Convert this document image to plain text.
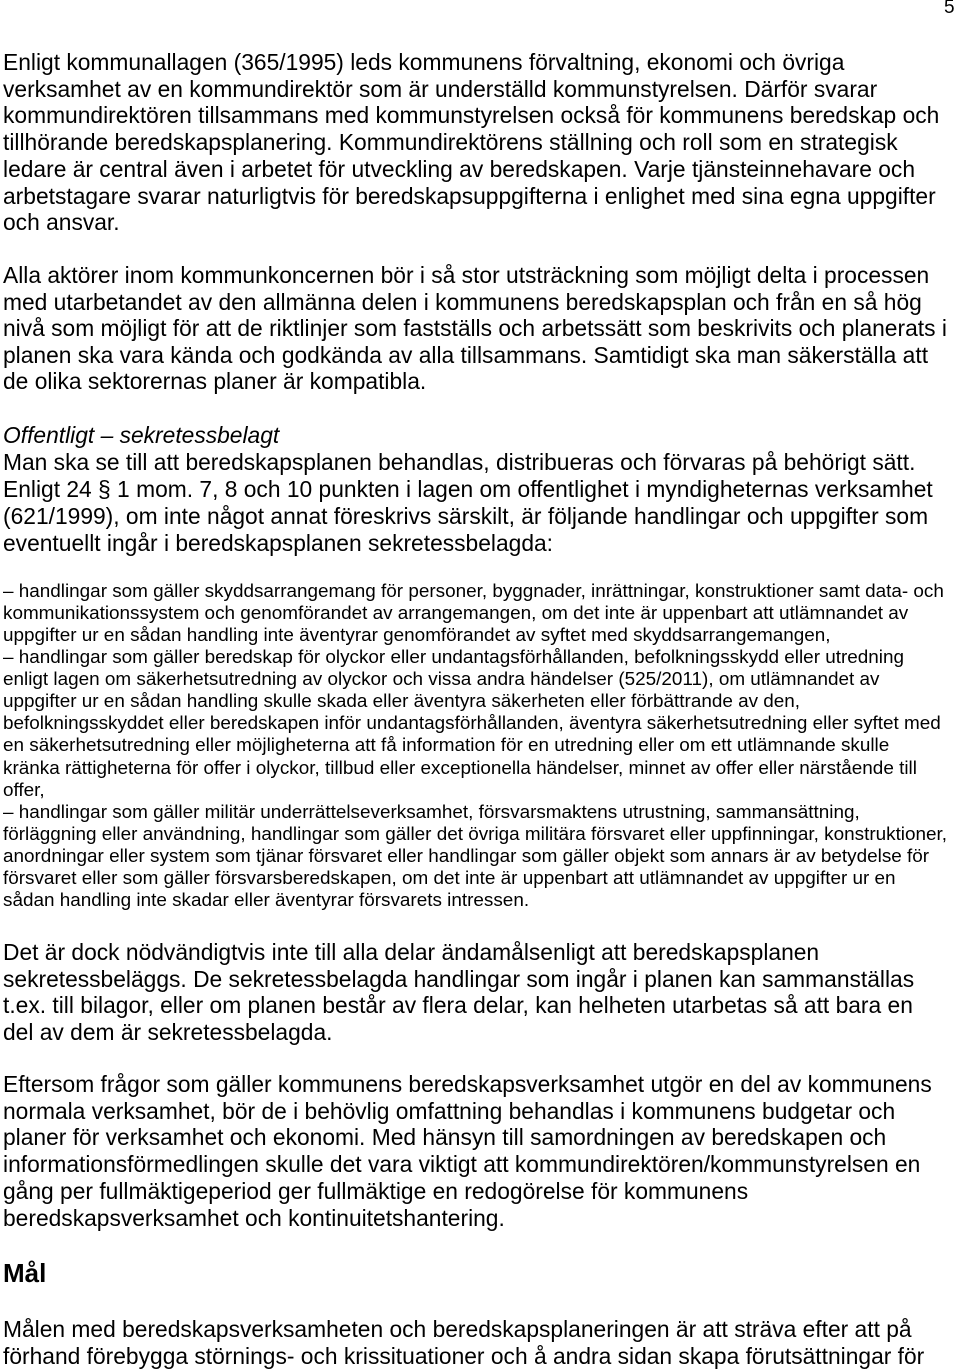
5
Enligt kommunallagen (365/1995) leds kommunens förvaltning, ekonomi och övriga
verksamhet av en kommundirektör som är underställd kommunstyrelsen. Därför svarar
kommundirektören tillsammans med kommunstyrelsen också för kommunens beredskap och
tillhörande beredskapsplanering. Kommundirektörens ställning och roll som en strategisk
ledare är central även i arbetet för utveckling av beredskapen. Varje tjänsteinnehavare och
arbetstagare svarar naturligtvis för beredskapsuppgifterna i enlighet med sina egna uppgifter
och ansvar.
Alla aktörer inom kommunkoncernen bör i så stor utsträckning som möjligt delta i processen
med utarbetandet av den allmänna delen i kommunens beredskapsplan och från en så hög
nivå som möjligt för att de riktlinjer som fastställs och arbetssätt som beskrivits och planerats i
planen ska vara kända och godkända av alla tillsammans. Samtidigt ska man säkerställa att
de olika sektorernas planer är kompatibla.
Offentligt – sekretessbelagt
Man ska se till att beredskapsplanen behandlas, distribueras och förvaras på behörigt sätt.
Enligt 24 § 1 mom. 7, 8 och 10 punkten i lagen om offentlighet i myndigheternas verksamhet
(621/1999), om inte något annat föreskrivs särskilt, är följande handlingar och uppgifter som
eventuellt ingår i beredskapsplanen sekretessbelagda:
– handlingar som gäller skyddsarrangemang för personer, byggnader, inrättningar, konstruktioner samt data- och
kommunikationssystem och genomförandet av arrangemangen, om det inte är uppenbart att utlämnandet av
uppgifter ur en sådan handling inte äventyrar genomförandet av syftet med skyddsarrangemangen,
– handlingar som gäller beredskap för olyckor eller undantagsförhållanden, befolkningsskydd eller utredning
enligt lagen om säkerhetsutredning av olyckor och vissa andra händelser (525/2011), om utlämnandet av
uppgifter ur en sådan handling skulle skada eller äventyra säkerheten eller förbättrande av den,
befolkningsskyddet eller beredskapen inför undantagsförhållanden, äventyra säkerhetsutredning eller syftet med
en säkerhetsutredning eller möjligheterna att få information för en utredning eller om ett utlämnande skulle
kränka rättigheterna för offer i olyckor, tillbud eller exceptionella händelser, minnet av offer eller närstående till
offer,
– handlingar som gäller militär underrättelseverksamhet, försvarsmaktens utrustning, sammansättning,
förläggning eller användning, handlingar som gäller det övriga militära försvaret eller uppfinningar, konstruktioner,
anordningar eller system som tjänar försvaret eller handlingar som gäller objekt som annars är av betydelse för
försvaret eller som gäller försvarsberedskapen, om det inte är uppenbart att utlämnandet av uppgifter ur en
sådan handling inte skadar eller äventyrar försvarets intressen.
Det är dock nödvändigtvis inte till alla delar ändamålsenligt att beredskapsplanen
sekretessbeläggs. De sekretessbelagda handlingar som ingår i planen kan sammanställas
t.ex. till bilagor, eller om planen består av flera delar, kan helheten utarbetas så att bara en
del av dem är sekretessbelagda.
Eftersom frågor som gäller kommunens beredskapsverksamhet utgör en del av kommunens
normala verksamhet, bör de i behövlig omfattning behandlas i kommunens budgetar och
planer för verksamhet och ekonomi. Med hänsyn till samordningen av beredskapen och
informationsförmedlingen skulle det vara viktigt att kommundirektören/kommunstyrelsen en
gång per fullmäktigeperiod ger fullmäktige en redogörelse för kommunens
beredskapsverksamhet och kontinuitetshantering.
Mål
Målen med beredskapsverksamheten och beredskapsplaneringen är att sträva efter att på
förhand förebygga störnings- och krissituationer och å andra sidan skapa förutsättningar för
